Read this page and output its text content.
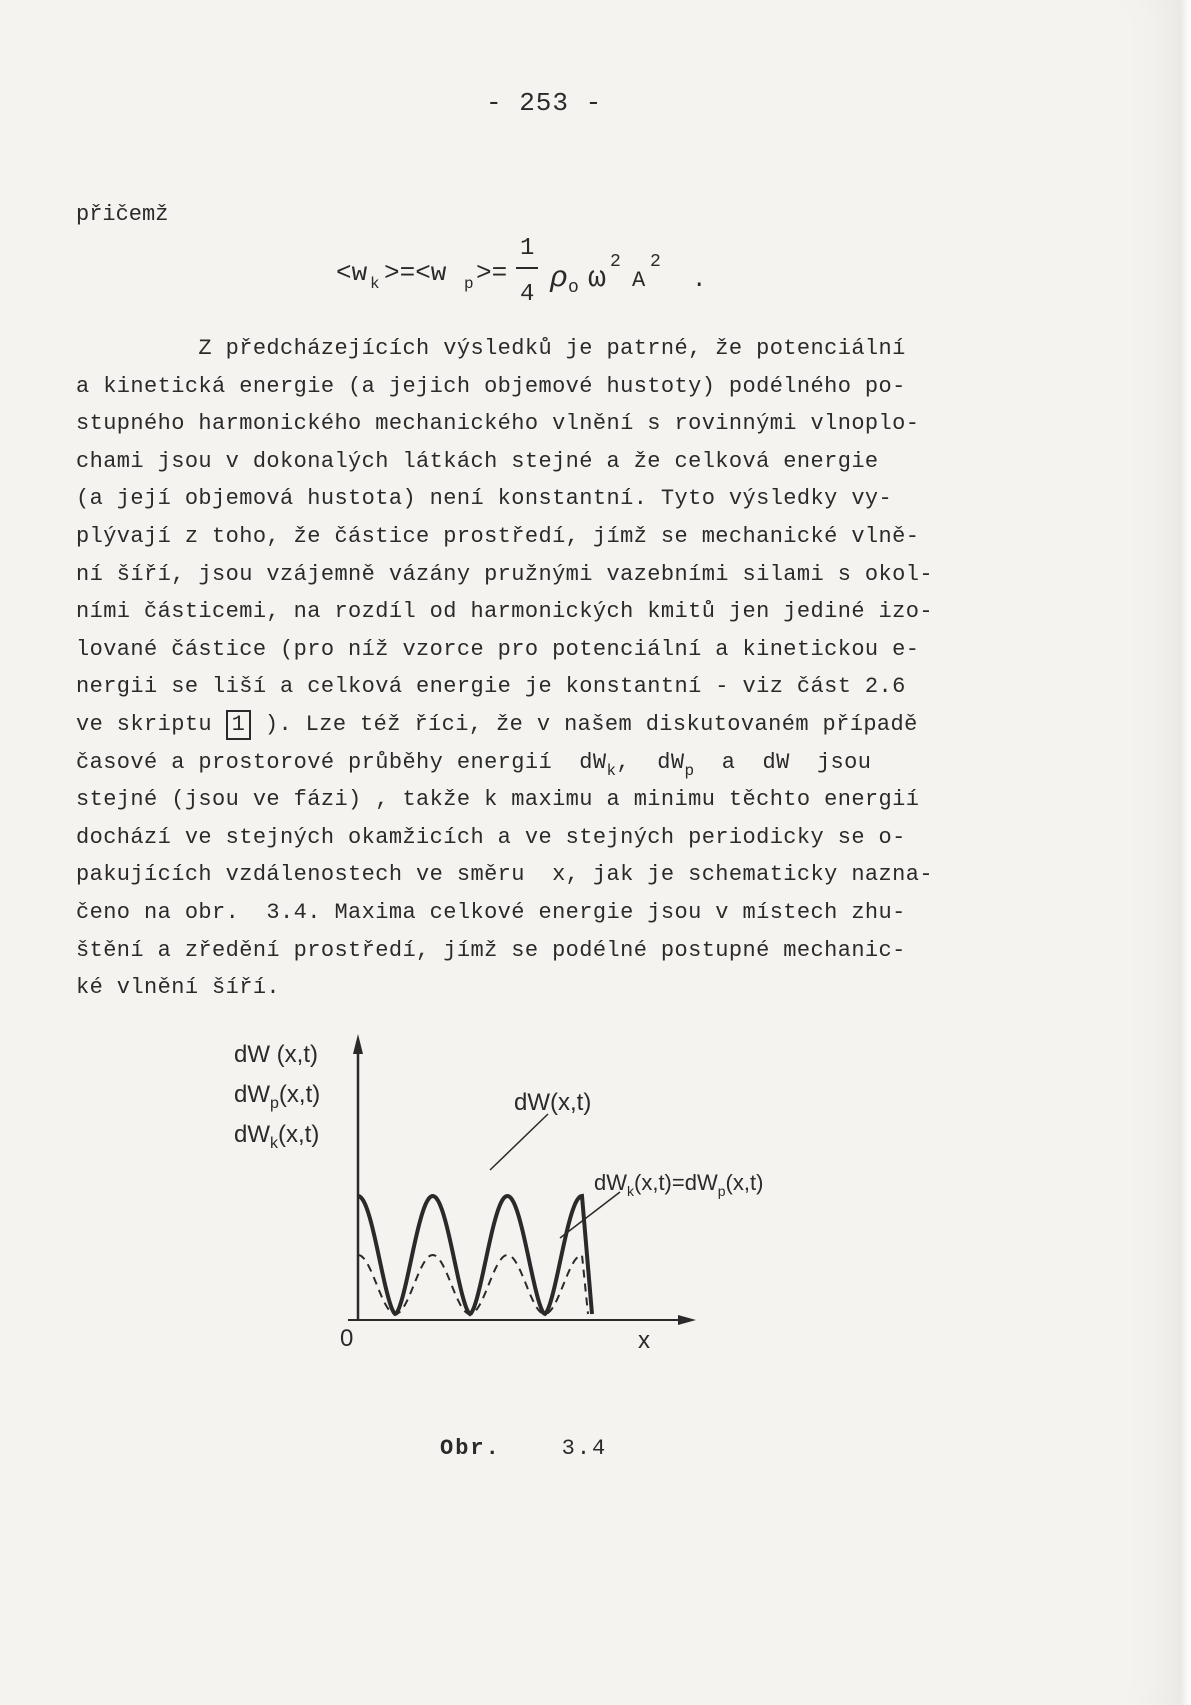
- 253 -
přičemž
<w k >=<w p >=
1
4 ρ o ω 2
A
2
.
Z předcházejících výsledků je patrné, že potenciální
a kinetická energie (a jejich objemové hustoty) podélného po-
stupného harmonického mechanického vlnění s rovinnými vlnoplo-
chami jsou v dokonalých látkách stejné a že celková energie
(a její objemová hustota) není konstantní. Tyto výsledky vy-
plývají z toho, že částice prostředí, jímž se mechanické vlně-
ní šíří, jsou vzájemně vázány pružnými vazebními silami s okol-
ními částicemi, na rozdíl od harmonických kmitů jen jediné izo-
lované částice (pro níž vzorce pro potenciální a kinetickou e-
nergii se liší a celková energie je konstantní - viz část 2.6
ve skriptu 1 ). Lze též říci, že v našem diskutovaném případě
časové a prostorové průběhy energií  $dW_k$,  $dW_p$  a  dW  jsou
stejné (jsou ve fázi) , takže k maximu a minimu těchto energií
dochází ve stejných okamžicích a ve stejných periodicky se o-
pakujících vzdálenostech ve směru  x, jak je schematicky nazna-
čeno na obr.  3.4. Maxima celkové energie jsou v místech zhu-
štění a zředění prostředí, jímž se podélné postupné mechanic-
ké vlnění šíří.
dW (x,t)
$dW_p(x,t)$
$dW_k(x,t)$
dW(x,t)
$dW_k(x,t)=dW_p(x,t)$
0	x
Obr.	3.4
